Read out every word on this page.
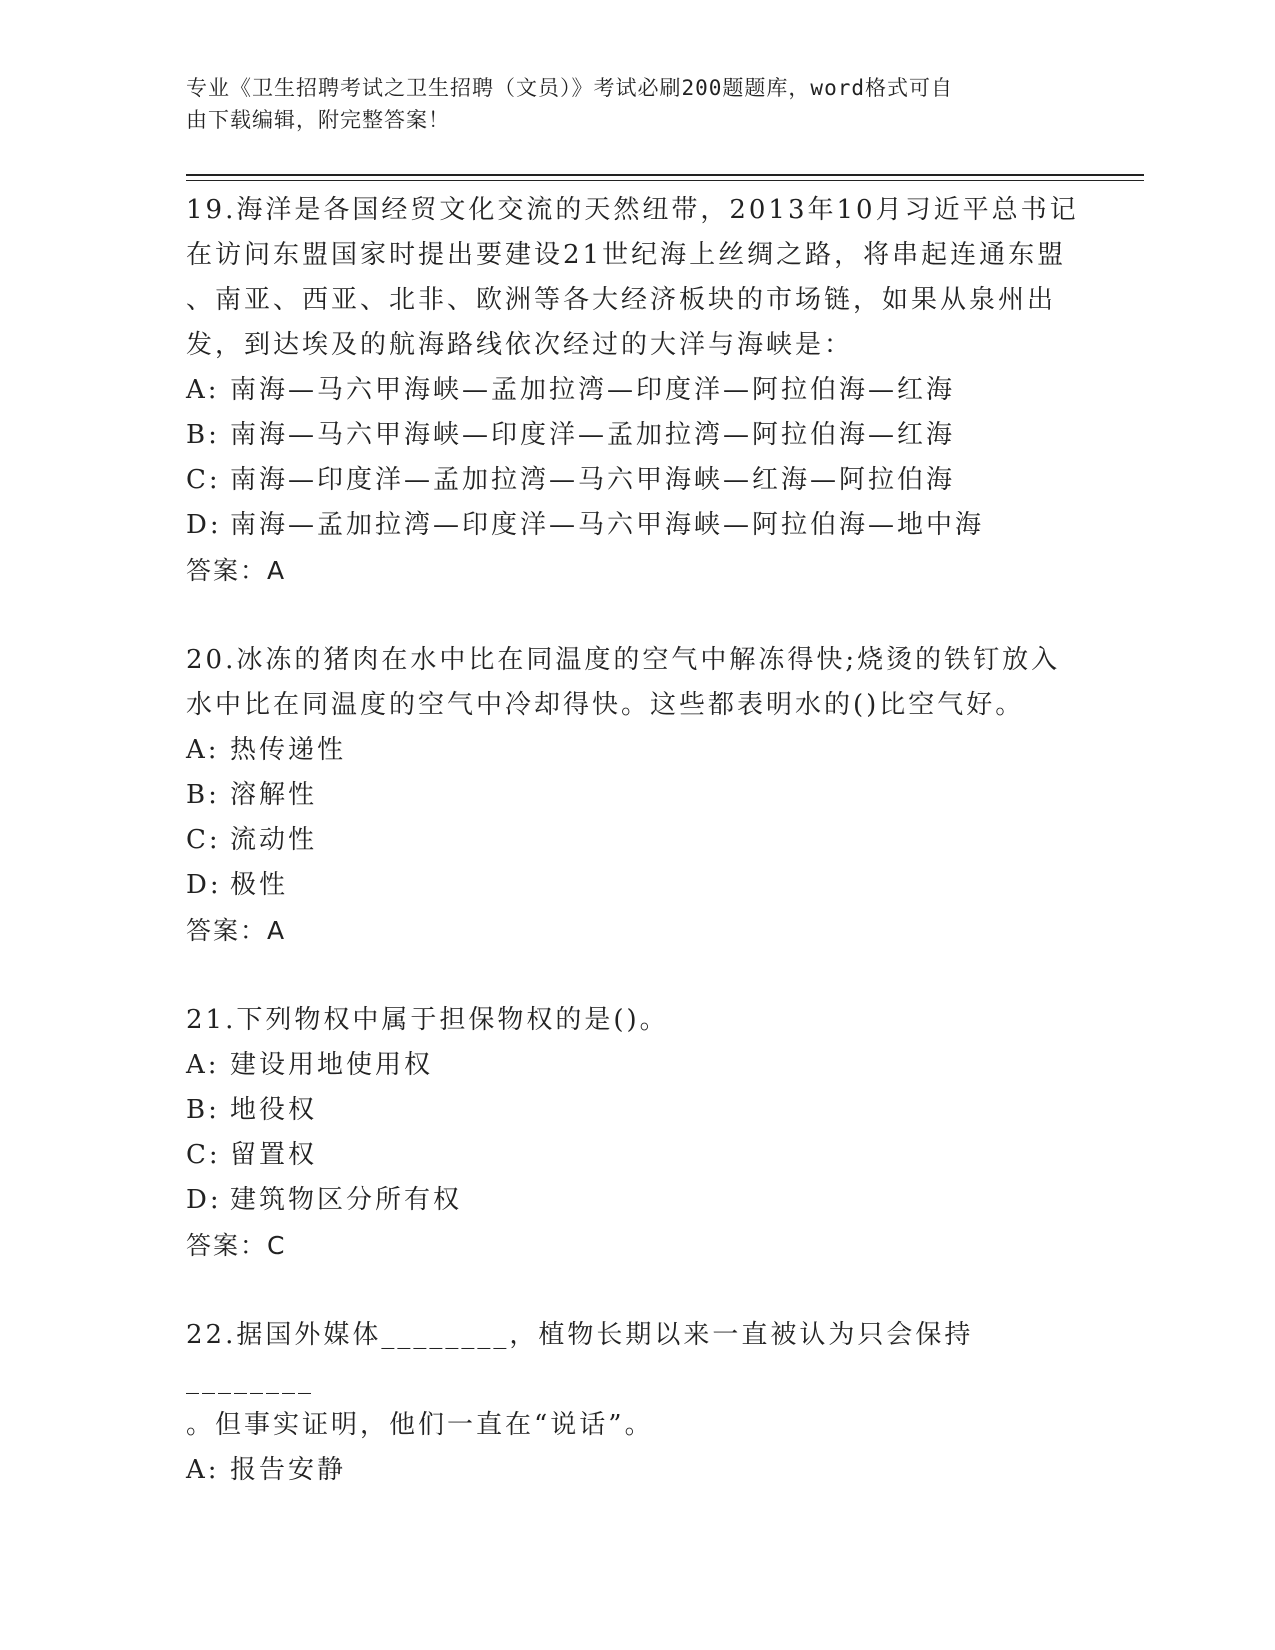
专业《卫生招聘考试之卫生招聘（文员）》考试必刷200题题库，word格式可自
由下载编辑，附完整答案！

19.海洋是各国经贸文化交流的天然纽带，2013年10月习近平总书记

在访问东盟国家时提出要建设21世纪海上丝绸之路，将串起连通东盟

、南亚、西亚、北非、欧洲等各大经济板块的市场链，如果从泉州出

发，到达埃及的航海路线依次经过的大洋与海峡是：

A: 南海—马六甲海峡—孟加拉湾—印度洋—阿拉伯海—红海

B: 南海—马六甲海峡—印度洋—孟加拉湾—阿拉伯海—红海

C: 南海—印度洋—孟加拉湾—马六甲海峡—红海—阿拉伯海

D: 南海—孟加拉湾—印度洋—马六甲海峡—阿拉伯海—地中海

答案：A

20.冰冻的猪肉在水中比在同温度的空气中解冻得快;烧烫的铁钉放入

水中比在同温度的空气中冷却得快。这些都表明水的()比空气好。

A: 热传递性

B: 溶解性

C: 流动性

D: 极性

答案：A

21.下列物权中属于担保物权的是()。

A: 建设用地使用权

B: 地役权

C: 留置权

D: 建筑物区分所有权

答案：C

22.据国外媒体________，植物长期以来一直被认为只会保持________

。但事实证明，他们一直在“说话”。

A: 报告安静
